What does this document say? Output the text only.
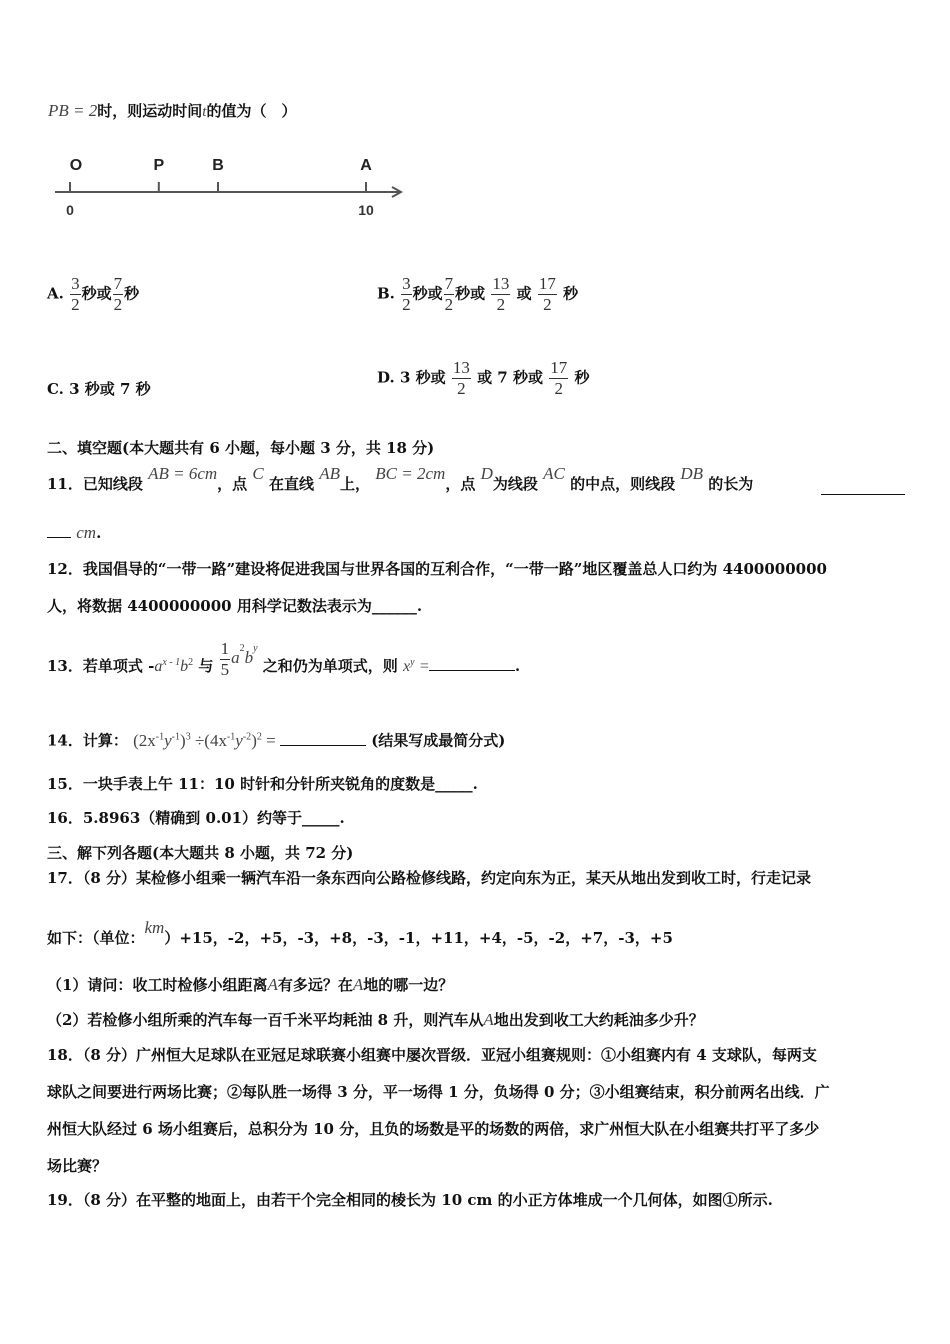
PB = 2时，则运动时间t的值为（　）
O	P	B	A
0	10
A. $\frac{3}{2}$ 秒或 $\frac{7}{2}$ 秒	B. $\frac{3}{2}$ 秒或 $\frac{7}{2}$ 秒或 $\frac{13}{2}$ 或 $\frac{17}{2}$ 秒
C. 3 秒或 7 秒
D. 3 秒或 $\frac{13}{2}$ 或 7 秒或 $\frac{17}{2}$ 秒
二、填空题(本大题共有 6 小题，每小题 3 分，共 18 分)
11．已知线段 AB = 6cm，点 C 在直线 AB上， BC = 2cm，点 D为线段 AC 的中点，则线段 DB 的长为
cm.
12．我国倡导的“一带一路”建设将促进我国与世界各国的互利合作，“一带一路”地区覆盖总人口约为 4400000000
人，将数据 4400000000 用科学记数法表示为______.
13．若单项式 $-a^{x - 1}b^2$ 与 $\frac{1}{5} a^2b^y$ 之和仍为单项式，则 $x^y$ =	.
14．计算： $(2x^{-1}y^{-1})^3 \div(4x^{-1}y^{-2})^2$ =	(结果写成最简分式)
15．一块手表上午 11：10 时针和分针所夹锐角的度数是_____.
16．5.8963（精确到 0.01）约等于_____.
三、解下列各题(本大题共 8 小题，共 72 分)
17．（8 分）某检修小组乘一辆汽车沿一条东西向公路检修线路，约定向东为正，某天从地出发到收工时，行走记录
如下：（单位：km）+15，-2，+5，-3，+8，-3，-1，+11，+4，-5，-2，+7，-3，+5
（1）请问：收工时检修小组距离A有多远？在A地的哪一边？
（2）若检修小组所乘的汽车每一百千米平均耗油 8 升，则汽车从A地出发到收工大约耗油多少升？
18．（8 分）广州恒大足球队在亚冠足球联赛小组赛中屡次晋级．亚冠小组赛规则：①小组赛内有 4 支球队，每两支
球队之间要进行两场比赛；②每队胜一场得 3 分，平一场得 1 分，负场得 0 分；③小组赛结束，积分前两名出线．广
州恒大队经过 6 场小组赛后，总积分为 10 分，且负的场数是平的场数的两倍，求广州恒大队在小组赛共打平了多少
场比赛？
19．（8 分）在平整的地面上，由若干个完全相同的棱长为 10 cm 的小正方体堆成一个几何体，如图①所示.
